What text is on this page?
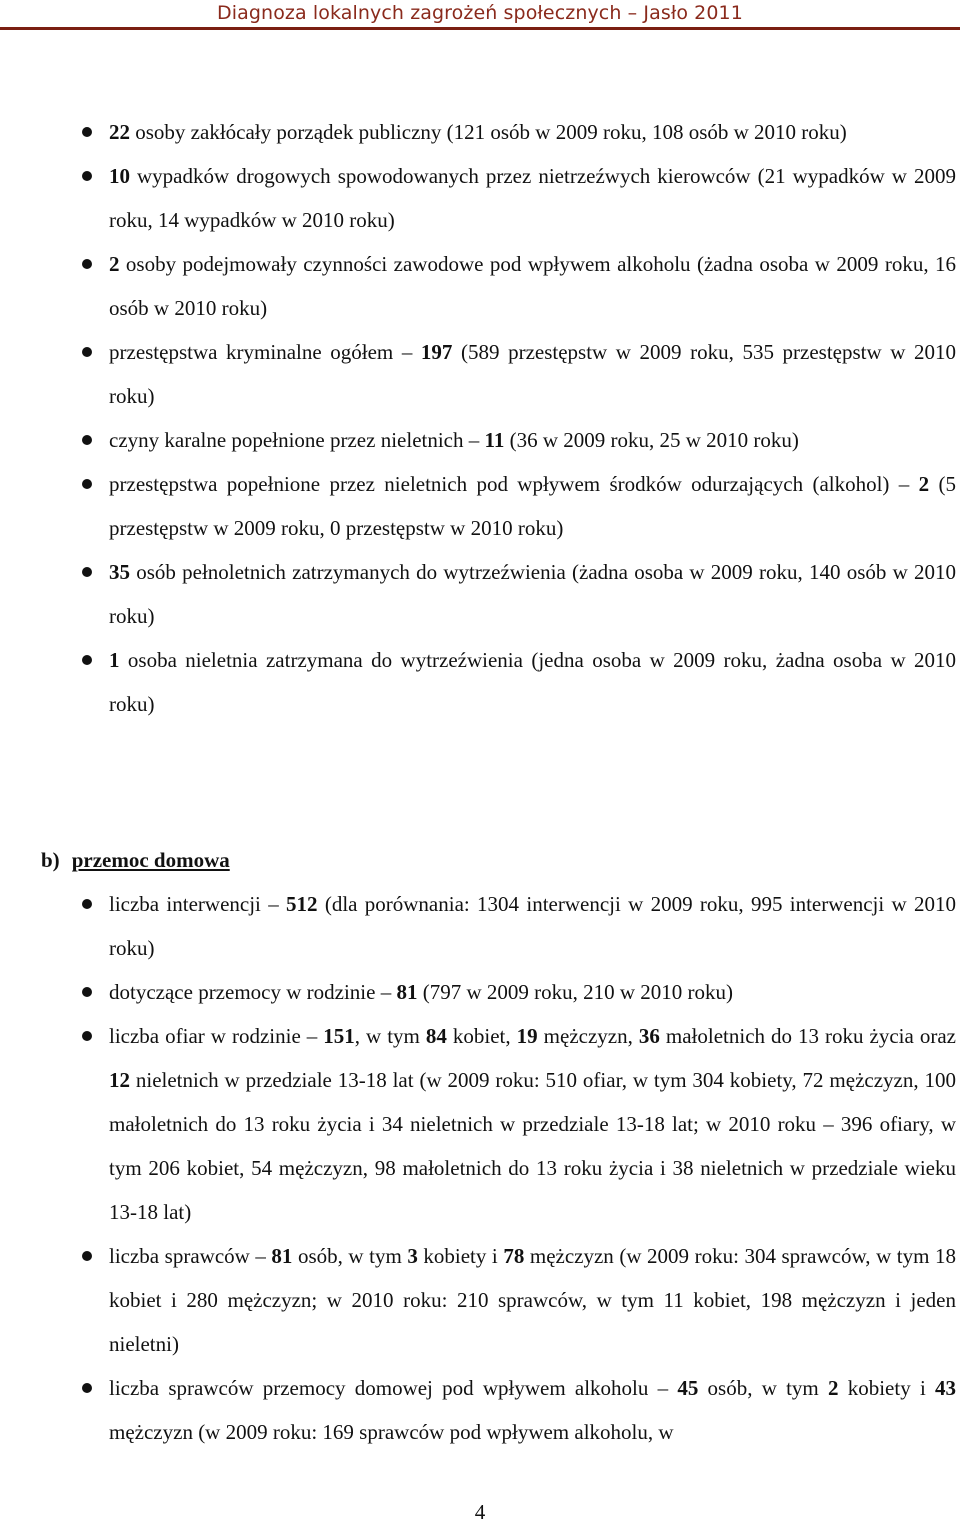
Diagnoza lokalnych zagrożeń społecznych – Jasło 2011
22 osoby zakłócały porządek publiczny (121 osób w 2009 roku, 108 osób w 2010 roku)
10 wypadków drogowych spowodowanych przez nietrzeźwych kierowców (21 wypadków w 2009 roku, 14 wypadków w 2010 roku)
2 osoby podejmowały czynności zawodowe pod wpływem alkoholu (żadna osoba w 2009 roku, 16 osób w 2010 roku)
przestępstwa kryminalne ogółem – 197 (589 przestępstw w 2009 roku, 535 przestępstw w 2010 roku)
czyny karalne popełnione przez nieletnich – 11 (36 w 2009 roku, 25 w 2010 roku)
przestępstwa popełnione przez nieletnich pod wpływem środków odurzających (alkohol) – 2 (5 przestępstw w 2009 roku, 0 przestępstw w 2010 roku)
35 osób pełnoletnich zatrzymanych do wytrzeźwienia (żadna osoba w 2009 roku, 140 osób w 2010 roku)
1 osoba nieletnia zatrzymana do wytrzeźwienia (jedna osoba w 2009 roku, żadna osoba w 2010 roku)
b) przemoc domowa
liczba interwencji – 512 (dla porównania: 1304 interwencji w 2009 roku, 995 interwencji w 2010 roku)
dotyczące przemocy w rodzinie – 81 (797 w 2009 roku, 210 w 2010 roku)
liczba ofiar w rodzinie – 151, w tym 84 kobiet, 19 mężczyzn, 36 małoletnich do 13 roku życia oraz 12 nieletnich w przedziale 13-18 lat (w 2009 roku: 510 ofiar, w tym 304 kobiety, 72 mężczyzn, 100 małoletnich do 13 roku życia i 34 nieletnich w przedziale 13-18 lat; w 2010 roku – 396 ofiary, w tym 206 kobiet, 54 mężczyzn, 98 małoletnich do 13 roku życia i 38 nieletnich w przedziale wieku 13-18 lat)
liczba sprawców – 81 osób, w tym 3 kobiety i 78 mężczyzn (w 2009 roku: 304 sprawców, w tym 18 kobiet i 280 mężczyzn; w 2010 roku: 210 sprawców, w tym 11 kobiet, 198 mężczyzn i jeden nieletni)
liczba sprawców przemocy domowej pod wpływem alkoholu – 45 osób, w tym 2 kobiety i 43 mężczyzn (w 2009 roku: 169 sprawców pod wpływem alkoholu, w
4
